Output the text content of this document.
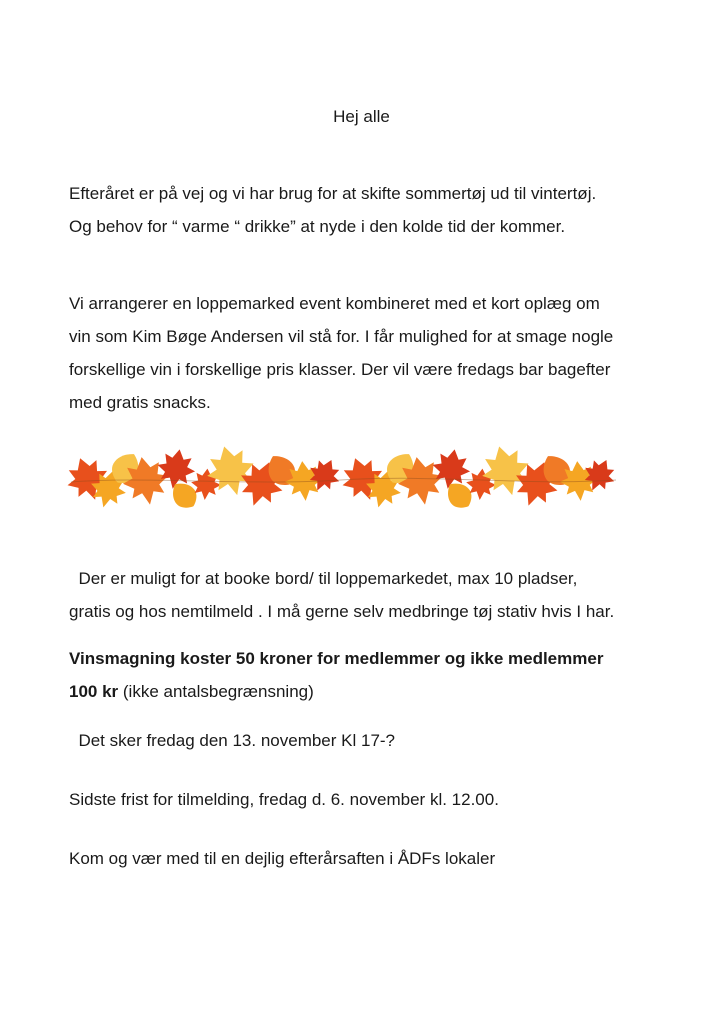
Hej alle

Efteråret er på vej og vi har brug for at skifte sommertøj ud til vintertøj.
Og behov for “ varme “ drikke” at nyde i den kolde tid der kommer.

Vi arrangerer en loppemarked event kombineret med et kort oplæg om
vin som Kim Bøge Andersen vil stå for. I får mulighed for at smage nogle
forskellige vin i forskellige pris klasser. Der vil være fredags bar bagefter
med gratis snacks.

Der er muligt for at booke bord/ til loppemarkedet, max 10 pladser,
gratis og hos nemtilmeld . I må gerne selv medbringe tøj stativ hvis I har.

Vinsmagning koster 50 kroner for medlemmer og ikke medlemmer
100 kr (ikke antalsbegrænsning)

Det sker fredag den 13. november Kl 17-?

Sidste frist for tilmelding, fredag d. 6. november kl. 12.00.

Kom og vær med til en dejlig efterårsaften i ÅDFs lokaler
